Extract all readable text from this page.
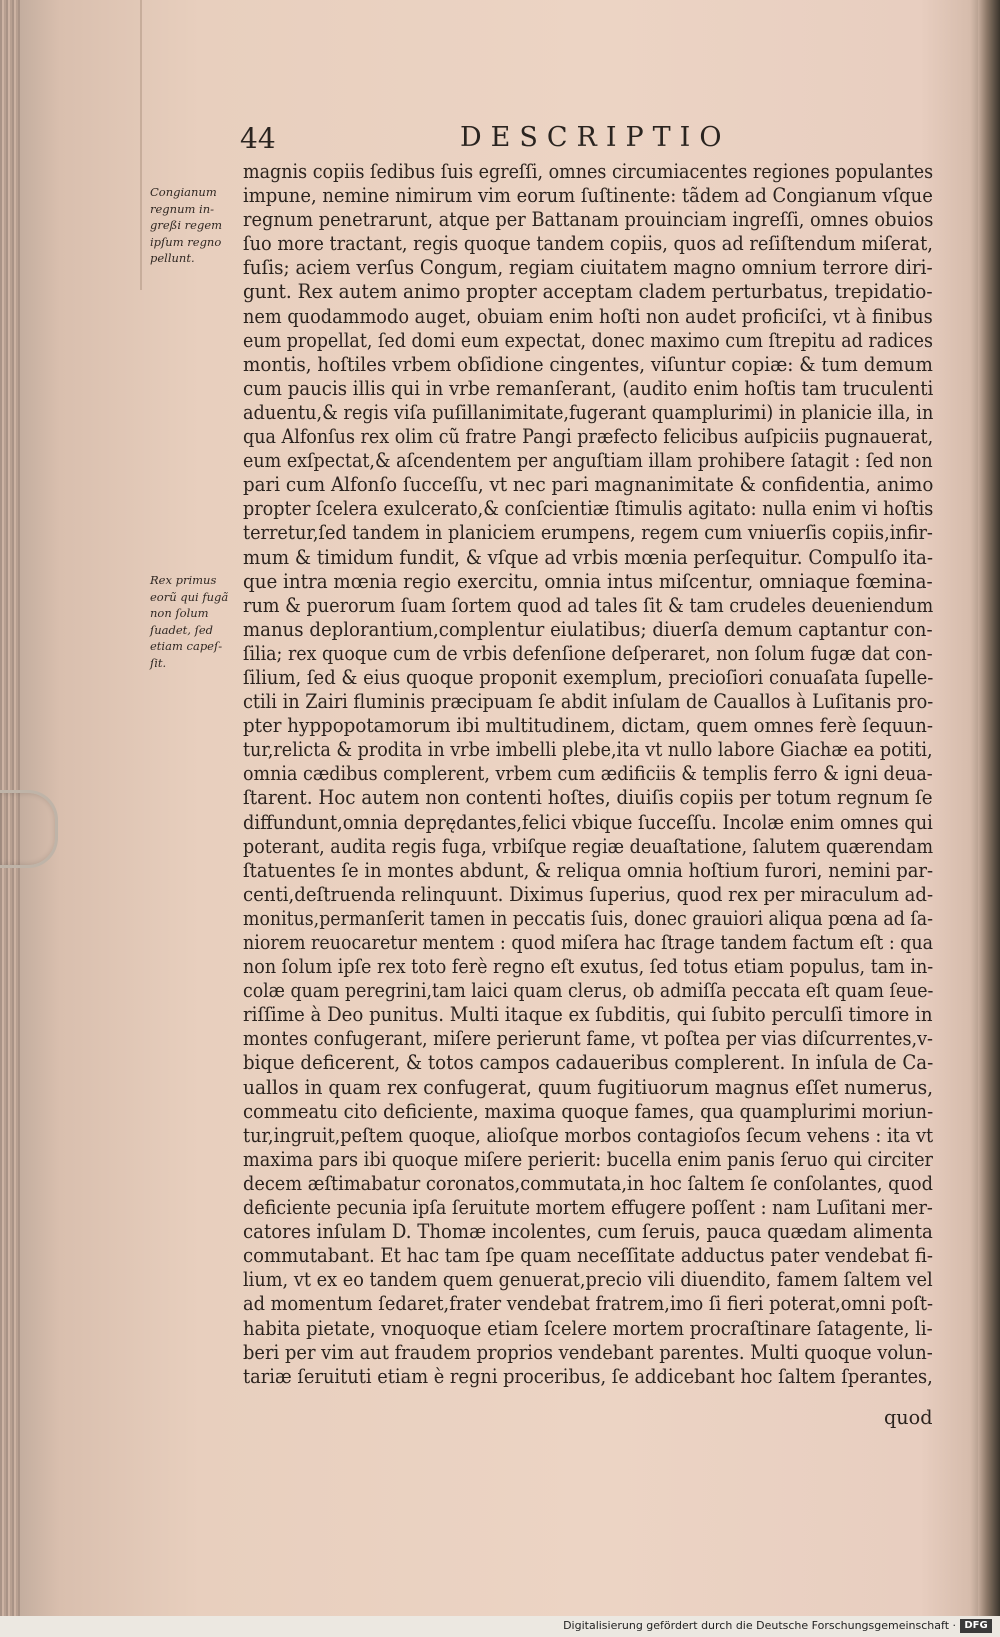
44	DESCRIPTIO
Congianum
regnum in-
greßi regem
ipſum regno
pellunt.
Rex primus
eorũ qui fugã
non ſolum
ſuadet, ſed
etiam capeſ-
ſit.
magnis copiis ſedibus ſuis egreſſi, omnes circumiacentes regiones populantes
impune, nemine nimirum vim eorum ſuſtinente: tãdem ad Congianum vſque
regnum penetrarunt, atque per Battanam prouinciam ingreſſi, omnes obuios
ſuo more tractant, regis quoque tandem copiis, quos ad reſiſtendum miſerat,
fuſis; aciem verſus Congum, regiam ciuitatem magno omnium terrore diri-
gunt. Rex autem animo propter acceptam cladem perturbatus, trepidatio-
nem quodammodo auget, obuiam enim hoſti non audet proficiſci, vt à finibus
eum propellat, ſed domi eum expectat, donec maximo cum ſtrepitu ad radices
montis, hoſtiles vrbem obſidione cingentes, viſuntur copiæ: & tum demum
cum paucis illis qui in vrbe remanſerant, (audito enim hoſtis tam truculenti
aduentu,& regis viſa puſillanimitate,fugerant quamplurimi) in planicie illa, in
qua Alfonſus rex olim cũ fratre Pangi præfecto felicibus auſpiciis pugnauerat,
eum exſpectat,& aſcendentem per anguſtiam illam prohibere ſatagit : ſed non
pari cum Alfonſo ſucceſſu, vt nec pari magnanimitate & confidentia, animo
propter ſcelera exulcerato,& conſcientiæ ſtimulis agitato: nulla enim vi hoſtis
terretur,ſed tandem in planiciem erumpens, regem cum vniuerſis copiis,infir-
mum & timidum fundit, & vſque ad vrbis mœnia perſequitur. Compulſo ita-
que intra mœnia regio exercitu, omnia intus miſcentur, omniaque fœmina-
rum & puerorum ſuam ſortem quod ad tales ſit & tam crudeles deueniendum
manus deplorantium,complentur eiulatibus; diuerſa demum captantur con-
ſilia; rex quoque cum de vrbis defenſione deſperaret, non ſolum fugæ dat con-
ſilium, ſed & eius quoque proponit exemplum, precioſiori conuaſata ſupelle-
ctili in Zairi fluminis præcipuam ſe abdit inſulam de Cauallos à Luſitanis pro-
pter hyppopotamorum ibi multitudinem, dictam, quem omnes ferè ſequun-
tur,relicta & prodita in vrbe imbelli plebe,ita vt nullo labore Giachæ ea potiti,
omnia cædibus complerent, vrbem cum ædificiis & templis ferro & igni deua-
ſtarent. Hoc autem non contenti hoſtes, diuiſis copiis per totum regnum ſe
diffundunt,omnia deprędantes,felici vbique ſucceſſu. Incolæ enim omnes qui
poterant, audita regis fuga, vrbiſque regiæ deuaſtatione, ſalutem quærendam
ſtatuentes ſe in montes abdunt, & reliqua omnia hoſtium furori, nemini par-
centi,deſtruenda relinquunt. Diximus ſuperius, quod rex per miraculum ad-
monitus,permanſerit tamen in peccatis ſuis, donec grauiori aliqua pœna ad ſa-
niorem reuocaretur mentem : quod miſera hac ſtrage tandem factum eſt : qua
non ſolum ipſe rex toto ferè regno eſt exutus, ſed totus etiam populus, tam in-
colæ quam peregrini,tam laici quam clerus, ob admiſſa peccata eſt quam ſeue-
riſſime à Deo punitus. Multi itaque ex ſubditis, qui ſubito perculſi timore in
montes confugerant, miſere perierunt fame, vt poſtea per vias diſcurrentes,v-
bique deficerent, & totos campos cadaueribus complerent. In inſula de Ca-
uallos in quam rex confugerat, quum fugitiuorum magnus eſſet numerus,
commeatu cito deficiente, maxima quoque fames, qua quamplurimi moriun-
tur,ingruit,peſtem quoque, alioſque morbos contagioſos ſecum vehens : ita vt
maxima pars ibi quoque miſere perierit: bucella enim panis ſeruo qui circiter
decem æſtimabatur coronatos,commutata,in hoc ſaltem ſe conſolantes, quod
deficiente pecunia ipſa ſeruitute mortem effugere poſſent : nam Luſitani mer-
catores inſulam D. Thomæ incolentes, cum ſeruis, pauca quædam alimenta
commutabant. Et hac tam ſpe quam neceſſitate adductus pater vendebat fi-
lium, vt ex eo tandem quem genuerat,precio vili diuendito, famem ſaltem vel
ad momentum ſedaret,frater vendebat fratrem,imo ſi fieri poterat,omni poſt-
habita pietate, vnoquoque etiam ſcelere mortem procraſtinare ſatagente, li-
beri per vim aut fraudem proprios vendebant parentes. Multi quoque volun-
tariæ ſeruituti etiam è regni proceribus, ſe addicebant hoc ſaltem ſperantes,
quod
Digitalisierung gefördert durch die Deutsche Forschungsgemeinschaft · DFG
